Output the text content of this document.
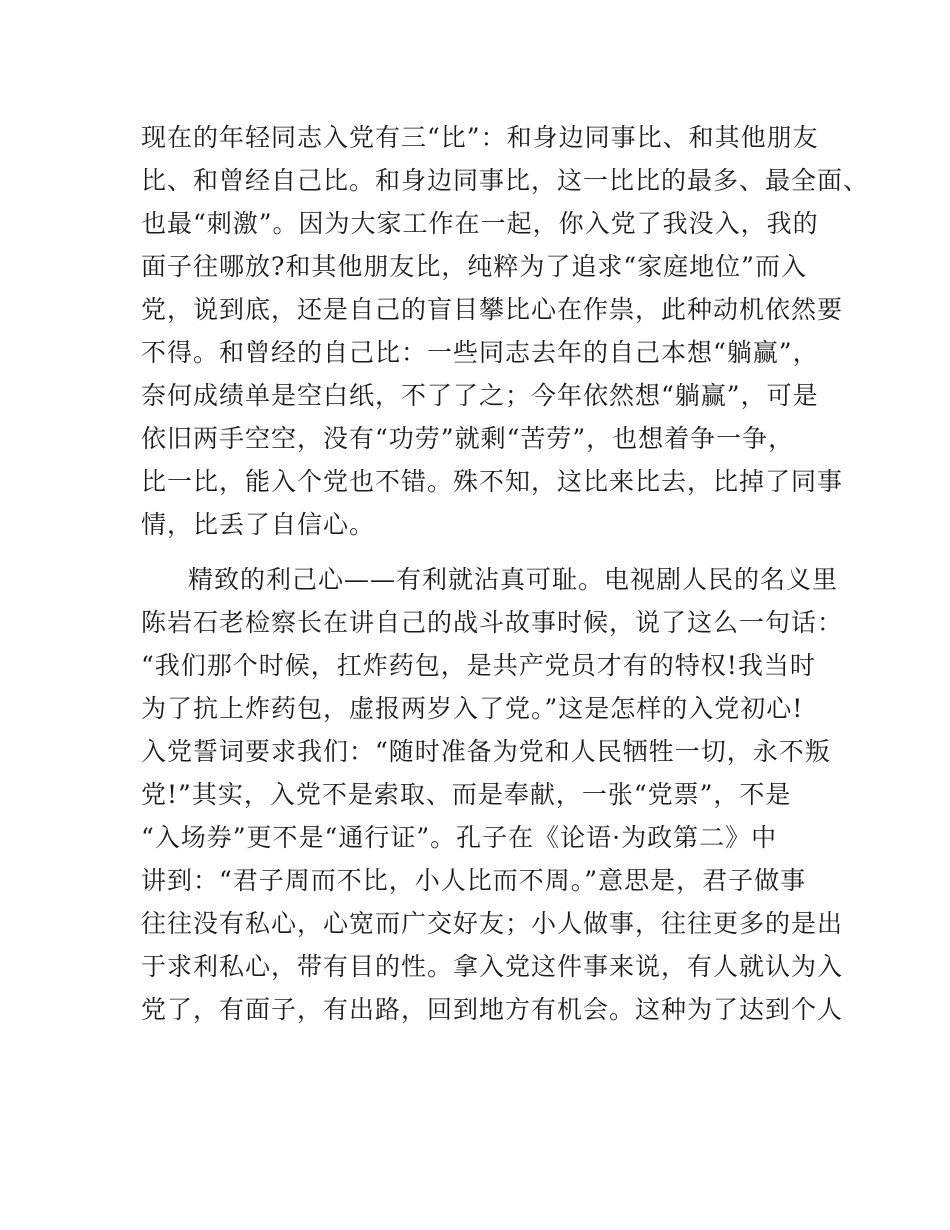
现在的年轻同志入党有三“比”：和身边同事比、和其他朋友
比、和曾经自己比。和身边同事比，这一比比的最多、最全面、
也最“刺激”。因为大家工作在一起，你入党了我没入，我的
面子往哪放?和其他朋友比，纯粹为了追求“家庭地位”而入
党，说到底，还是自己的盲目攀比心在作祟，此种动机依然要
不得。和曾经的自己比：一些同志去年的自己本想“躺赢”，
奈何成绩单是空白纸，不了了之；今年依然想“躺赢”，可是
依旧两手空空，没有“功劳”就剩“苦劳”，也想着争一争，
比一比，能入个党也不错。殊不知，这比来比去，比掉了同事
情，比丢了自信心。
精致的利己心——有利就沾真可耻。电视剧人民的名义里
陈岩石老检察长在讲自己的战斗故事时候，说了这么一句话：
“我们那个时候，扛炸药包，是共产党员才有的特权!我当时
为了抗上炸药包，虚报两岁入了党。”这是怎样的入党初心!
入党誓词要求我们：“随时准备为党和人民牺牲一切，永不叛
党!”其实，入党不是索取、而是奉献，一张“党票”，不是
“入场券”更不是“通行证”。孔子在《论语·为政第二》中
讲到：“君子周而不比，小人比而不周。”意思是，君子做事
往往没有私心，心宽而广交好友；小人做事，往往更多的是出
于求利私心，带有目的性。拿入党这件事来说，有人就认为入
党了，有面子，有出路，回到地方有机会。这种为了达到个人
